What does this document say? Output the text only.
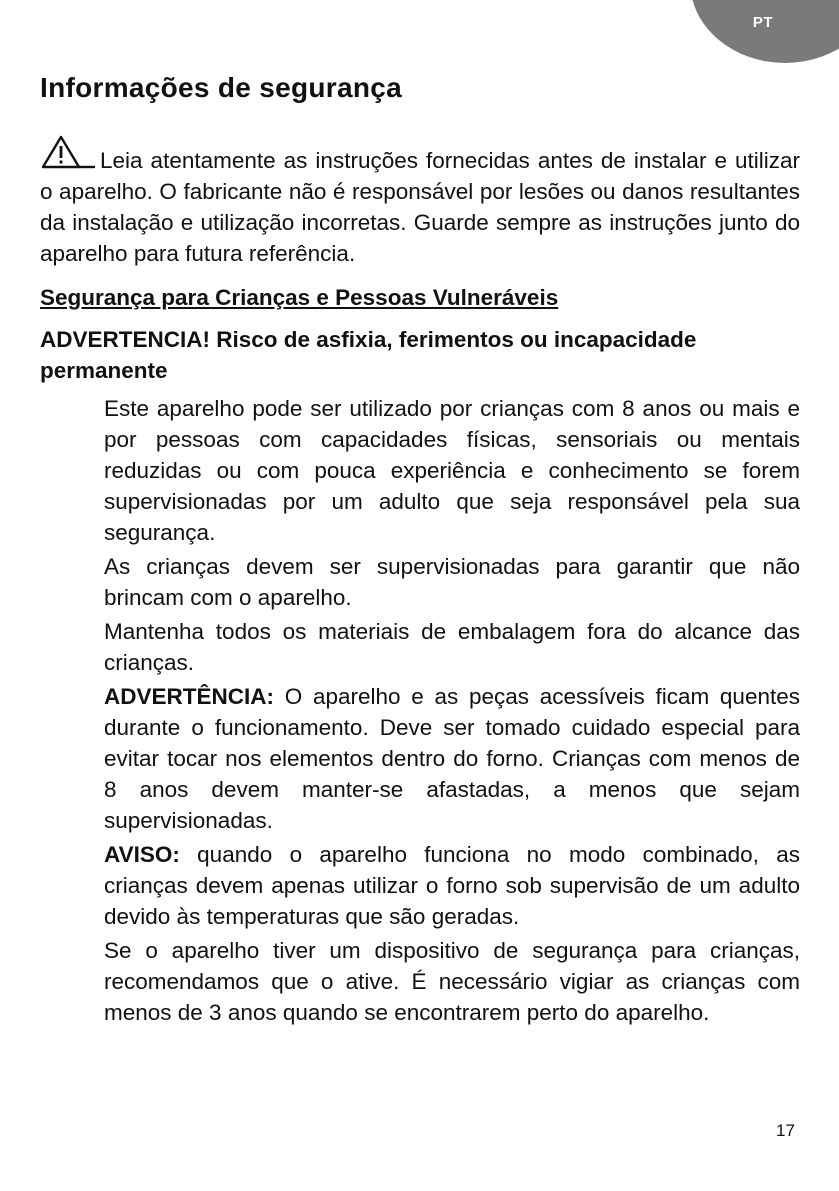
PT
Informações de segurança

Leia atentamente as instruções fornecidas antes de instalar e utilizar o aparelho. O fabricante não é responsável por lesões ou danos resultantes da instalação e utilização incorretas. Guarde sempre as instruções junto do aparelho para futura referência.

Segurança para Crianças e Pessoas Vulneráveis
ADVERTENCIA! Risco de asfixia, ferimentos ou incapacidade permanente

Este aparelho pode ser utilizado por crianças com 8 anos ou mais e por pessoas com capacidades físicas, sensoriais ou mentais reduzidas ou com pouca experiência e conhecimento se forem supervisionadas por um adulto que seja responsável pela sua segurança.

As crianças devem ser supervisionadas para garantir que não brincam com o aparelho.

Mantenha todos os materiais de embalagem fora do alcance das crianças.

ADVERTÊNCIA: O aparelho e as peças acessíveis ficam quentes durante o funcionamento. Deve ser tomado cuidado especial para evitar tocar nos elementos dentro do forno. Crianças com menos de 8 anos devem manter-se afastadas, a menos que sejam supervisionadas.

AVISO: quando o aparelho funciona no modo combinado, as crianças devem apenas utilizar o forno sob supervisão de um adulto devido às temperaturas que são geradas.

Se o aparelho tiver um dispositivo de segurança para crianças, recomendamos que o ative. É necessário vigiar as crianças com menos de 3 anos quando se encontrarem perto do aparelho.

17
